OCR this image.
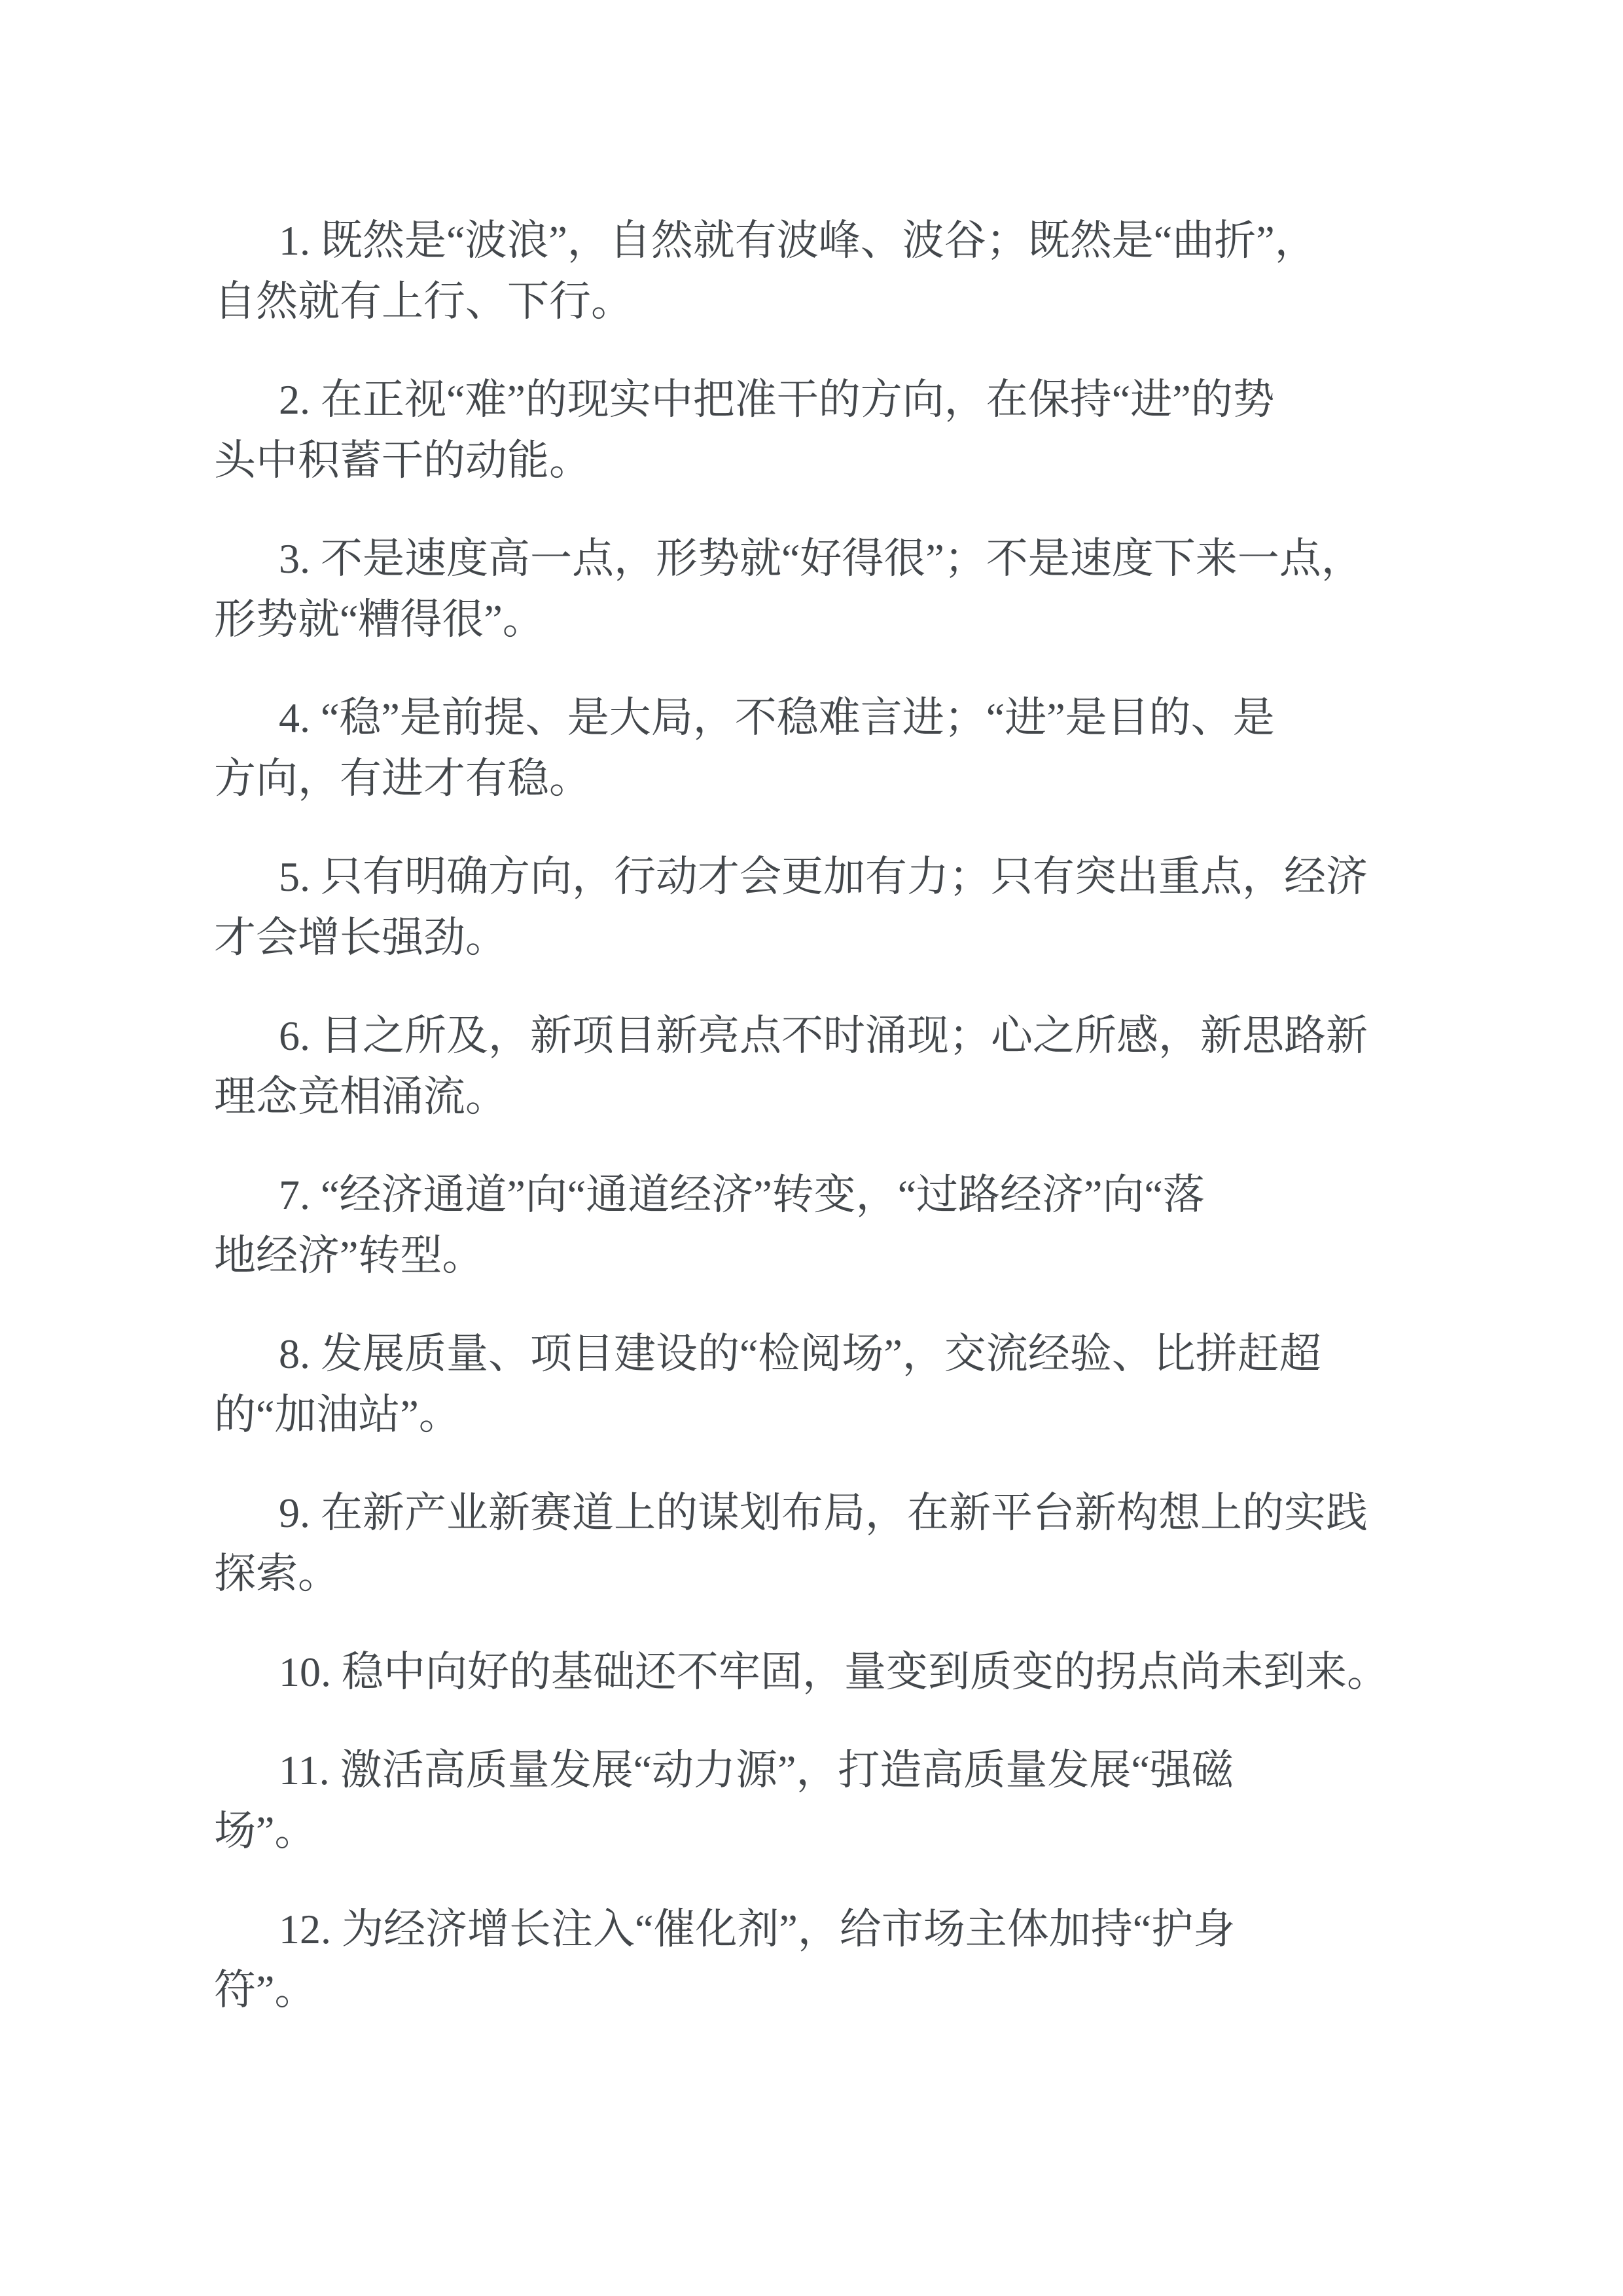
1. 既然是“波浪”，自然就有波峰、波谷；既然是“曲折”，
自然就有上行、下行。
2. 在正视“难”的现实中把准干的方向，在保持“进”的势
头中积蓄干的动能。
3. 不是速度高一点，形势就“好得很”；不是速度下来一点，
形势就“糟得很”。
4. “稳”是前提、是大局，不稳难言进；“进”是目的、是
方向，有进才有稳。
5. 只有明确方向，行动才会更加有力；只有突出重点，经济
才会增长强劲。
6. 目之所及，新项目新亮点不时涌现；心之所感，新思路新
理念竞相涌流。
7. “经济通道”向“通道经济”转变，“过路经济”向“落
地经济”转型。
8. 发展质量、项目建设的“检阅场”，交流经验、比拼赶超
的“加油站”。
9. 在新产业新赛道上的谋划布局，在新平台新构想上的实践
探索。
10. 稳中向好的基础还不牢固，量变到质变的拐点尚未到来。
11. 激活高质量发展“动力源”，打造高质量发展“强磁
场”。
12. 为经济增长注入“催化剂”，给市场主体加持“护身
符”。
